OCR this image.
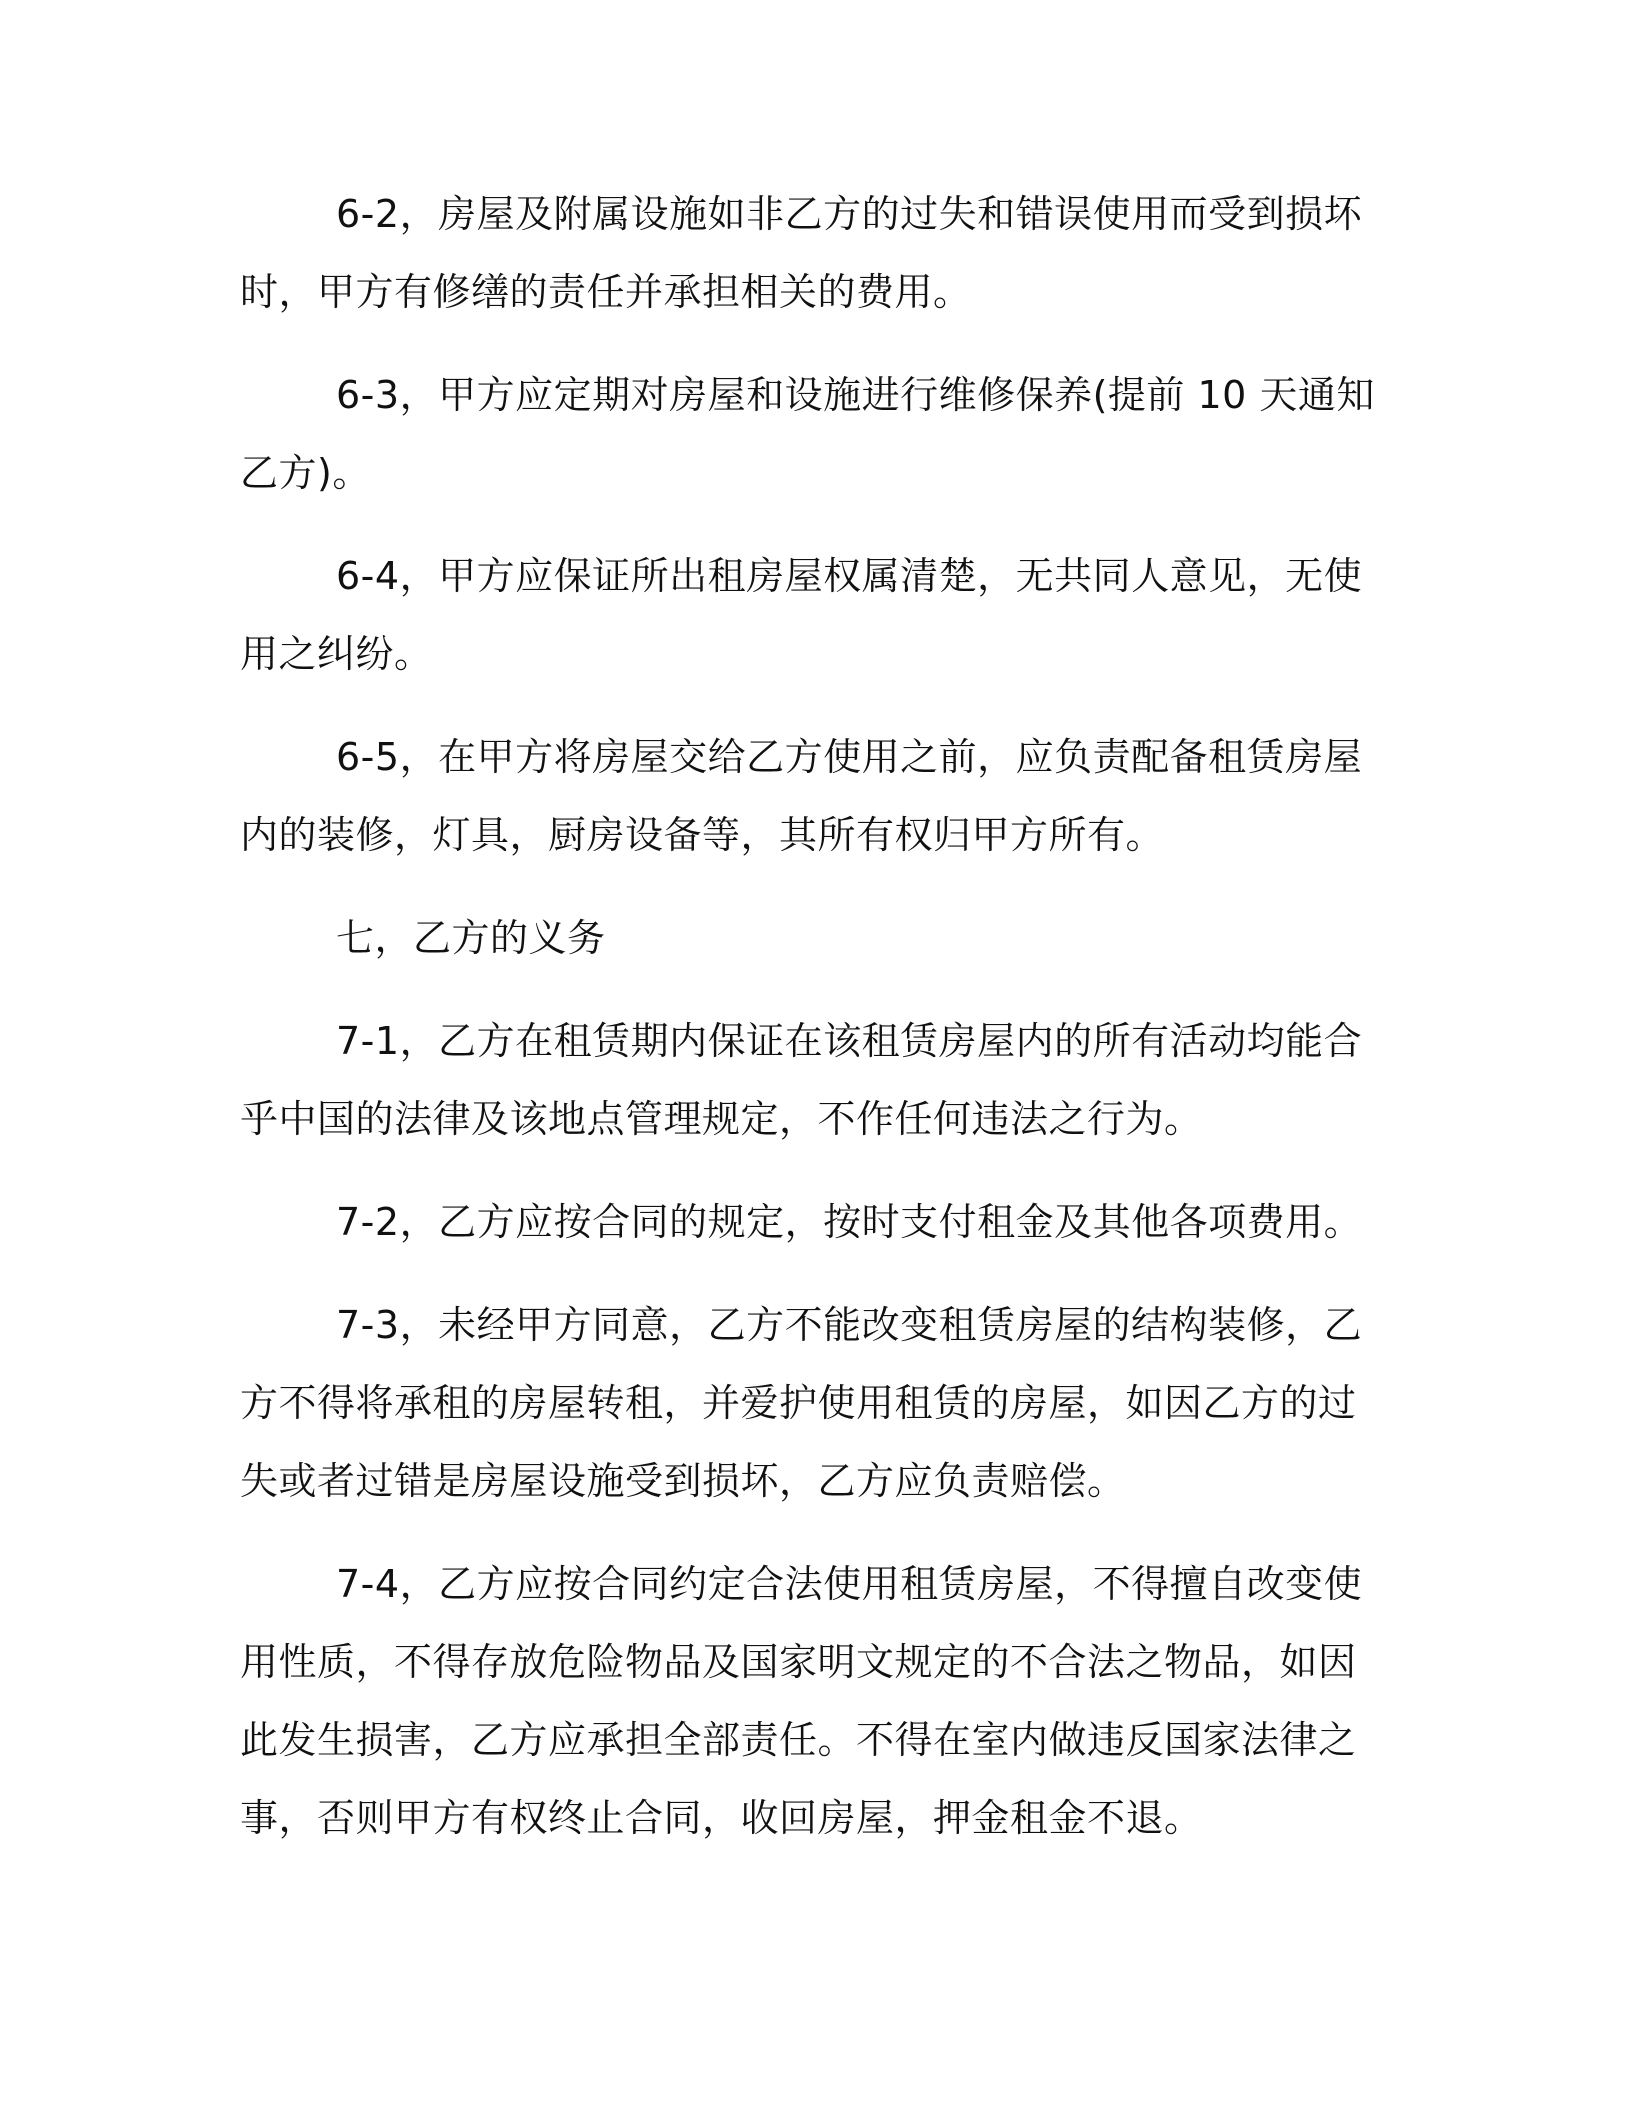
6-2，房屋及附属设施如非乙方的过失和错误使用而受到损坏时，甲方有修缮的责任并承担相关的费用。

6-3，甲方应定期对房屋和设施进行维修保养(提前 10 天通知乙方)。

6-4，甲方应保证所出租房屋权属清楚，无共同人意见，无使用之纠纷。

6-5，在甲方将房屋交给乙方使用之前，应负责配备租赁房屋内的装修，灯具，厨房设备等，其所有权归甲方所有。

七，乙方的义务

7-1，乙方在租赁期内保证在该租赁房屋内的所有活动均能合乎中国的法律及该地点管理规定，不作任何违法之行为。

7-2，乙方应按合同的规定，按时支付租金及其他各项费用。

7-3，未经甲方同意，乙方不能改变租赁房屋的结构装修，乙方不得将承租的房屋转租，并爱护使用租赁的房屋，如因乙方的过失或者过错是房屋设施受到损坏，乙方应负责赔偿。

7-4，乙方应按合同约定合法使用租赁房屋，不得擅自改变使用性质，不得存放危险物品及国家明文规定的不合法之物品，如因此发生损害，乙方应承担全部责任。不得在室内做违反国家法律之事，否则甲方有权终止合同，收回房屋，押金租金不退。
